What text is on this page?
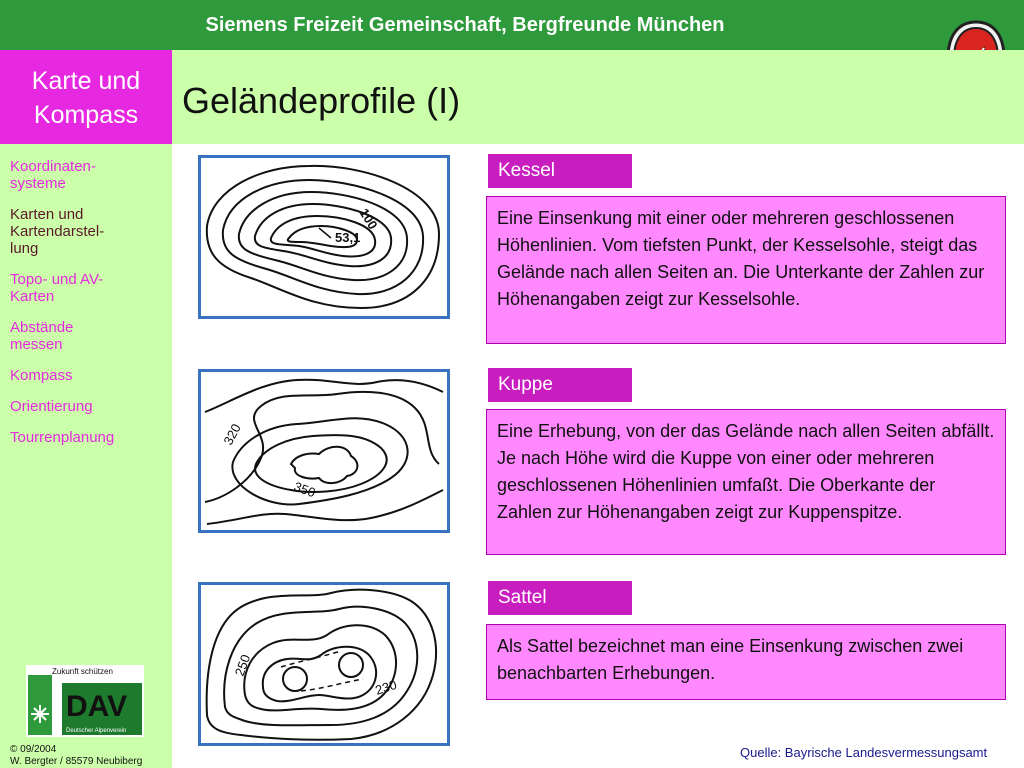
Siemens Freizeit Gemeinschaft, Bergfreunde München
Karte und
Kompass	Geländeprofile (I)
Koordinaten-
systeme
Karten und
Kartendarstel-
lung
Topo- und AV-
Karten
Abstände
messen
Kompass
Orientierung
Tourrenplanung
Zukunft schützen
DAV
Deutscher Alpenverein
© 09/2004
W. Bergter / 85579 Neubiberg
100
53,1
320
350
250
230
Kessel
Kuppe
Sattel
Eine Einsenkung mit einer oder mehreren geschlossenen Höhenlinien. Vom tiefsten Punkt, der Kesselsohle, steigt das Gelände nach allen Seiten an. Die Unterkante der Zahlen zur Höhenangaben zeigt zur Kesselsohle.
Eine Erhebung, von der das Gelände nach allen Seiten abfällt. Je nach Höhe wird die Kuppe von einer oder mehreren geschlossenen Höhenlinien umfaßt. Die Oberkante der Zahlen zur Höhenangaben zeigt zur Kuppenspitze.
Als Sattel bezeichnet man eine Einsenkung zwischen zwei benachbarten Erhebungen.
Quelle: Bayrische Landesvermessungsamt
